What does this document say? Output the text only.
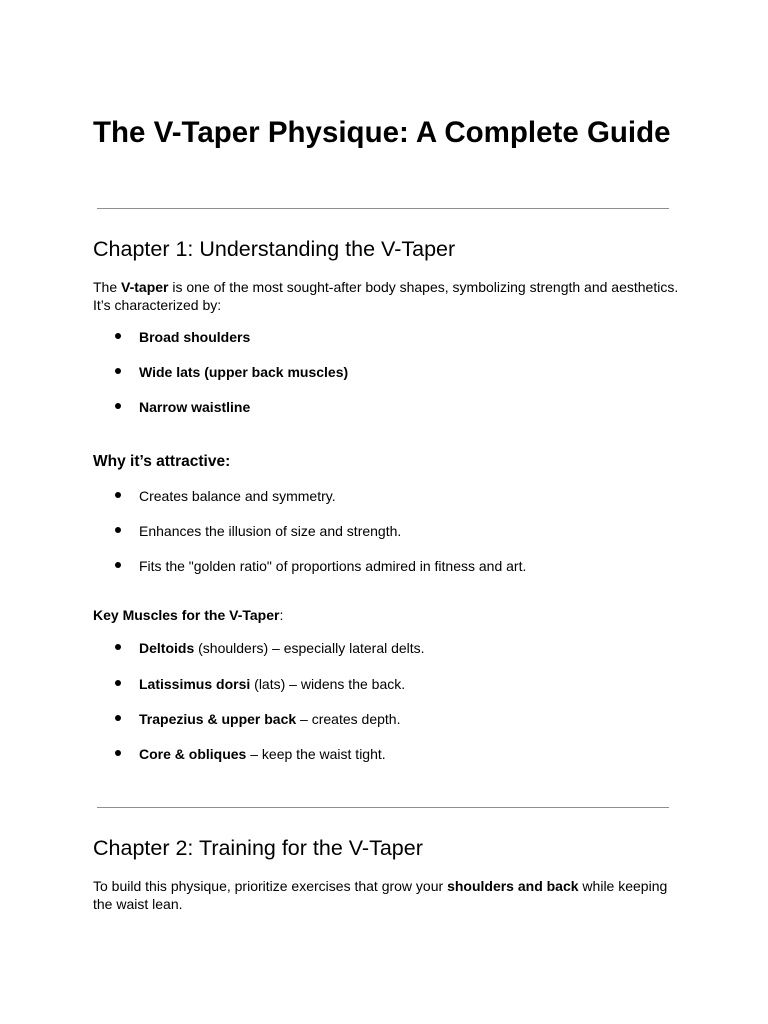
The V-Taper Physique: A Complete Guide
Chapter 1: Understanding the V-Taper

The V-taper is one of the most sought-after body shapes, symbolizing strength and aesthetics. It’s characterized by:

Broad shoulders
Wide lats (upper back muscles)
Narrow waistline
Why it’s attractive:
Creates balance and symmetry.
Enhances the illusion of size and strength.
Fits the "golden ratio" of proportions admired in fitness and art.

Key Muscles for the V-Taper:

Deltoids (shoulders) – especially lateral delts.
Latissimus dorsi (lats) – widens the back.
Trapezius & upper back – creates depth.
Core & obliques – keep the waist tight.
Chapter 2: Training for the V-Taper

To build this physique, prioritize exercises that grow your shoulders and back while keeping the waist lean.
